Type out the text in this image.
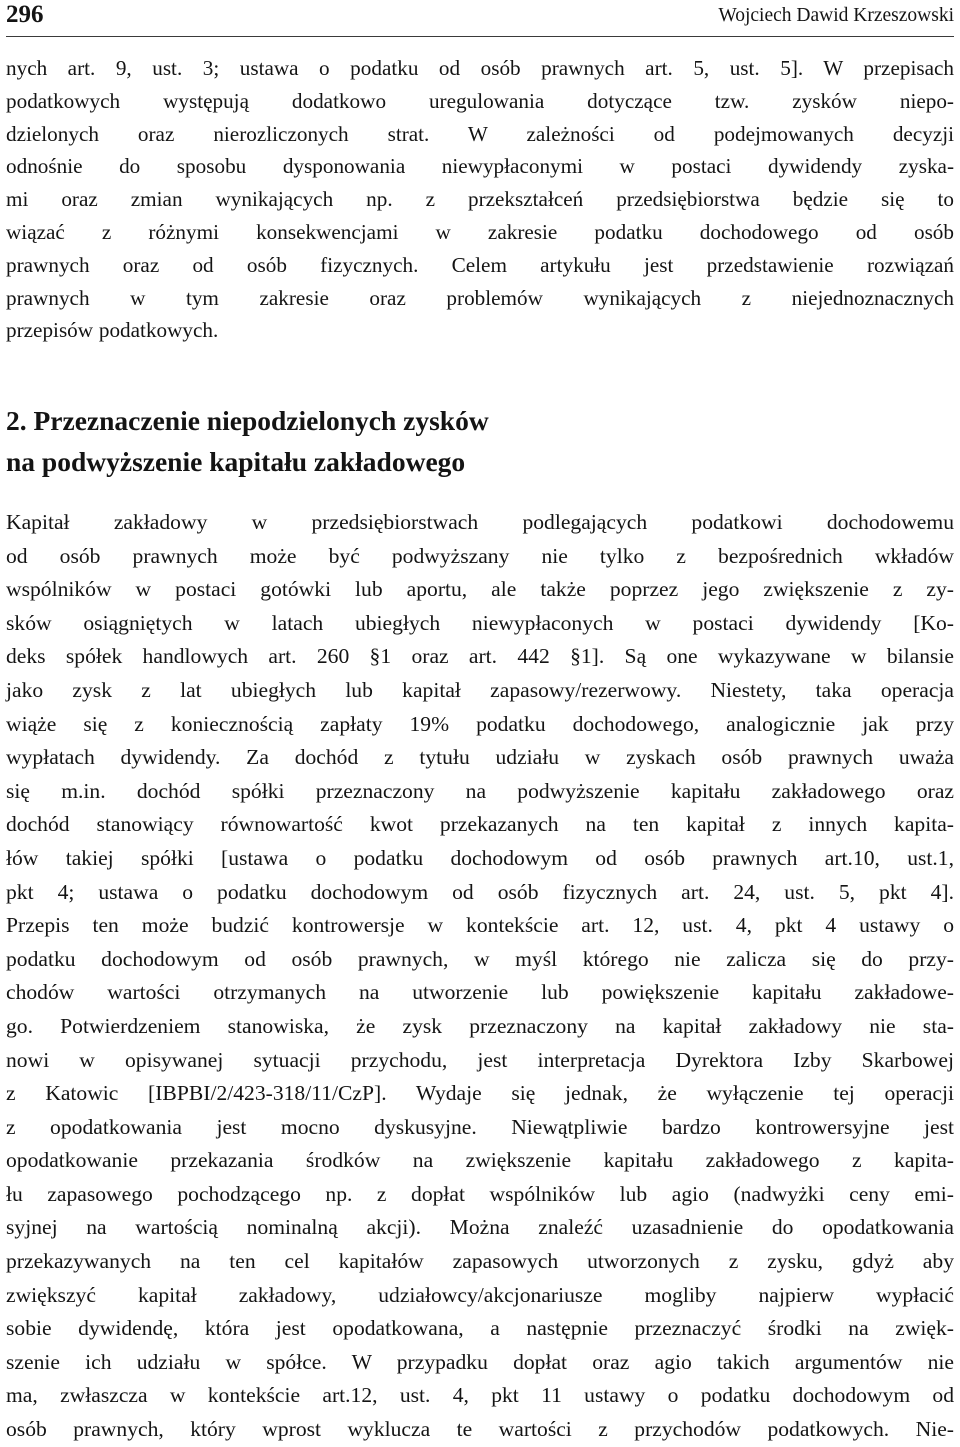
296	Wojciech Dawid Krzeszowski
nych art. 9, ust. 3; ustawa o podatku od osób prawnych art. 5, ust. 5]. W przepisach
podatkowych występują dodatkowo uregulowania dotyczące tzw. zysków niepo-
dzielonych oraz nierozliczonych strat. W zależności od podejmowanych decyzji
odnośnie do sposobu dysponowania niewypłaconymi w postaci dywidendy zyska-
mi oraz zmian wynikających np. z przekształceń przedsiębiorstwa będzie się to
wiązać z różnymi konsekwencjami w zakresie podatku dochodowego od osób
prawnych oraz od osób fizycznych. Celem artykułu jest przedstawienie rozwiązań
prawnych w tym zakresie oraz problemów wynikających z niejednoznacznych
przepisów podatkowych.
2. Przeznaczenie niepodzielonych zysków
na podwyższenie kapitału zakładowego
Kapitał zakładowy w przedsiębiorstwach podlegających podatkowi dochodowemu
od osób prawnych może być podwyższany nie tylko z bezpośrednich wkładów
wspólników w postaci gotówki lub aportu, ale także poprzez jego zwiększenie z zy-
sków osiągniętych w latach ubiegłych niewypłaconych w postaci dywidendy [Ko-
deks spółek handlowych art. 260 §1 oraz art. 442 §1]. Są one wykazywane w bilansie
jako zysk z lat ubiegłych lub kapitał zapasowy/rezerwowy. Niestety, taka operacja
wiąże się z koniecznością zapłaty 19% podatku dochodowego, analogicznie jak przy
wypłatach dywidendy. Za dochód z tytułu udziału w zyskach osób prawnych uważa
się m.in. dochód spółki przeznaczony na podwyższenie kapitału zakładowego oraz
dochód stanowiący równowartość kwot przekazanych na ten kapitał z innych kapita-
łów takiej spółki [ustawa o podatku dochodowym od osób prawnych art.10, ust.1,
pkt 4; ustawa o podatku dochodowym od osób fizycznych art. 24, ust. 5, pkt 4].
Przepis ten może budzić kontrowersje w kontekście art. 12, ust. 4, pkt 4 ustawy o
podatku dochodowym od osób prawnych, w myśl którego nie zalicza się do przy-
chodów wartości otrzymanych na utworzenie lub powiększenie kapitału zakładowe-
go. Potwierdzeniem stanowiska, że zysk przeznaczony na kapitał zakładowy nie sta-
nowi w opisywanej sytuacji przychodu, jest interpretacja Dyrektora Izby Skarbowej
z Katowic [IBPBI/2/423-318/11/CzP]. Wydaje się jednak, że wyłączenie tej operacji
z opodatkowania jest mocno dyskusyjne. Niewątpliwie bardzo kontrowersyjne jest
opodatkowanie przekazania środków na zwiększenie kapitału zakładowego z kapita-
łu zapasowego pochodzącego np. z dopłat wspólników lub agio (nadwyżki ceny emi-
syjnej na wartością nominalną akcji). Można znaleźć uzasadnienie do opodatkowania
przekazywanych na ten cel kapitałów zapasowych utworzonych z zysku, gdyż aby
zwiększyć kapitał zakładowy, udziałowcy/akcjonariusze mogliby najpierw wypłacić
sobie dywidendę, która jest opodatkowana, a następnie przeznaczyć środki na zwięk-
szenie ich udziału w spółce. W przypadku dopłat oraz agio takich argumentów nie
ma, zwłaszcza w kontekście art.12, ust. 4, pkt 11 ustawy o podatku dochodowym od
osób prawnych, który wprost wyklucza te wartości z przychodów podatkowych. Nie-
